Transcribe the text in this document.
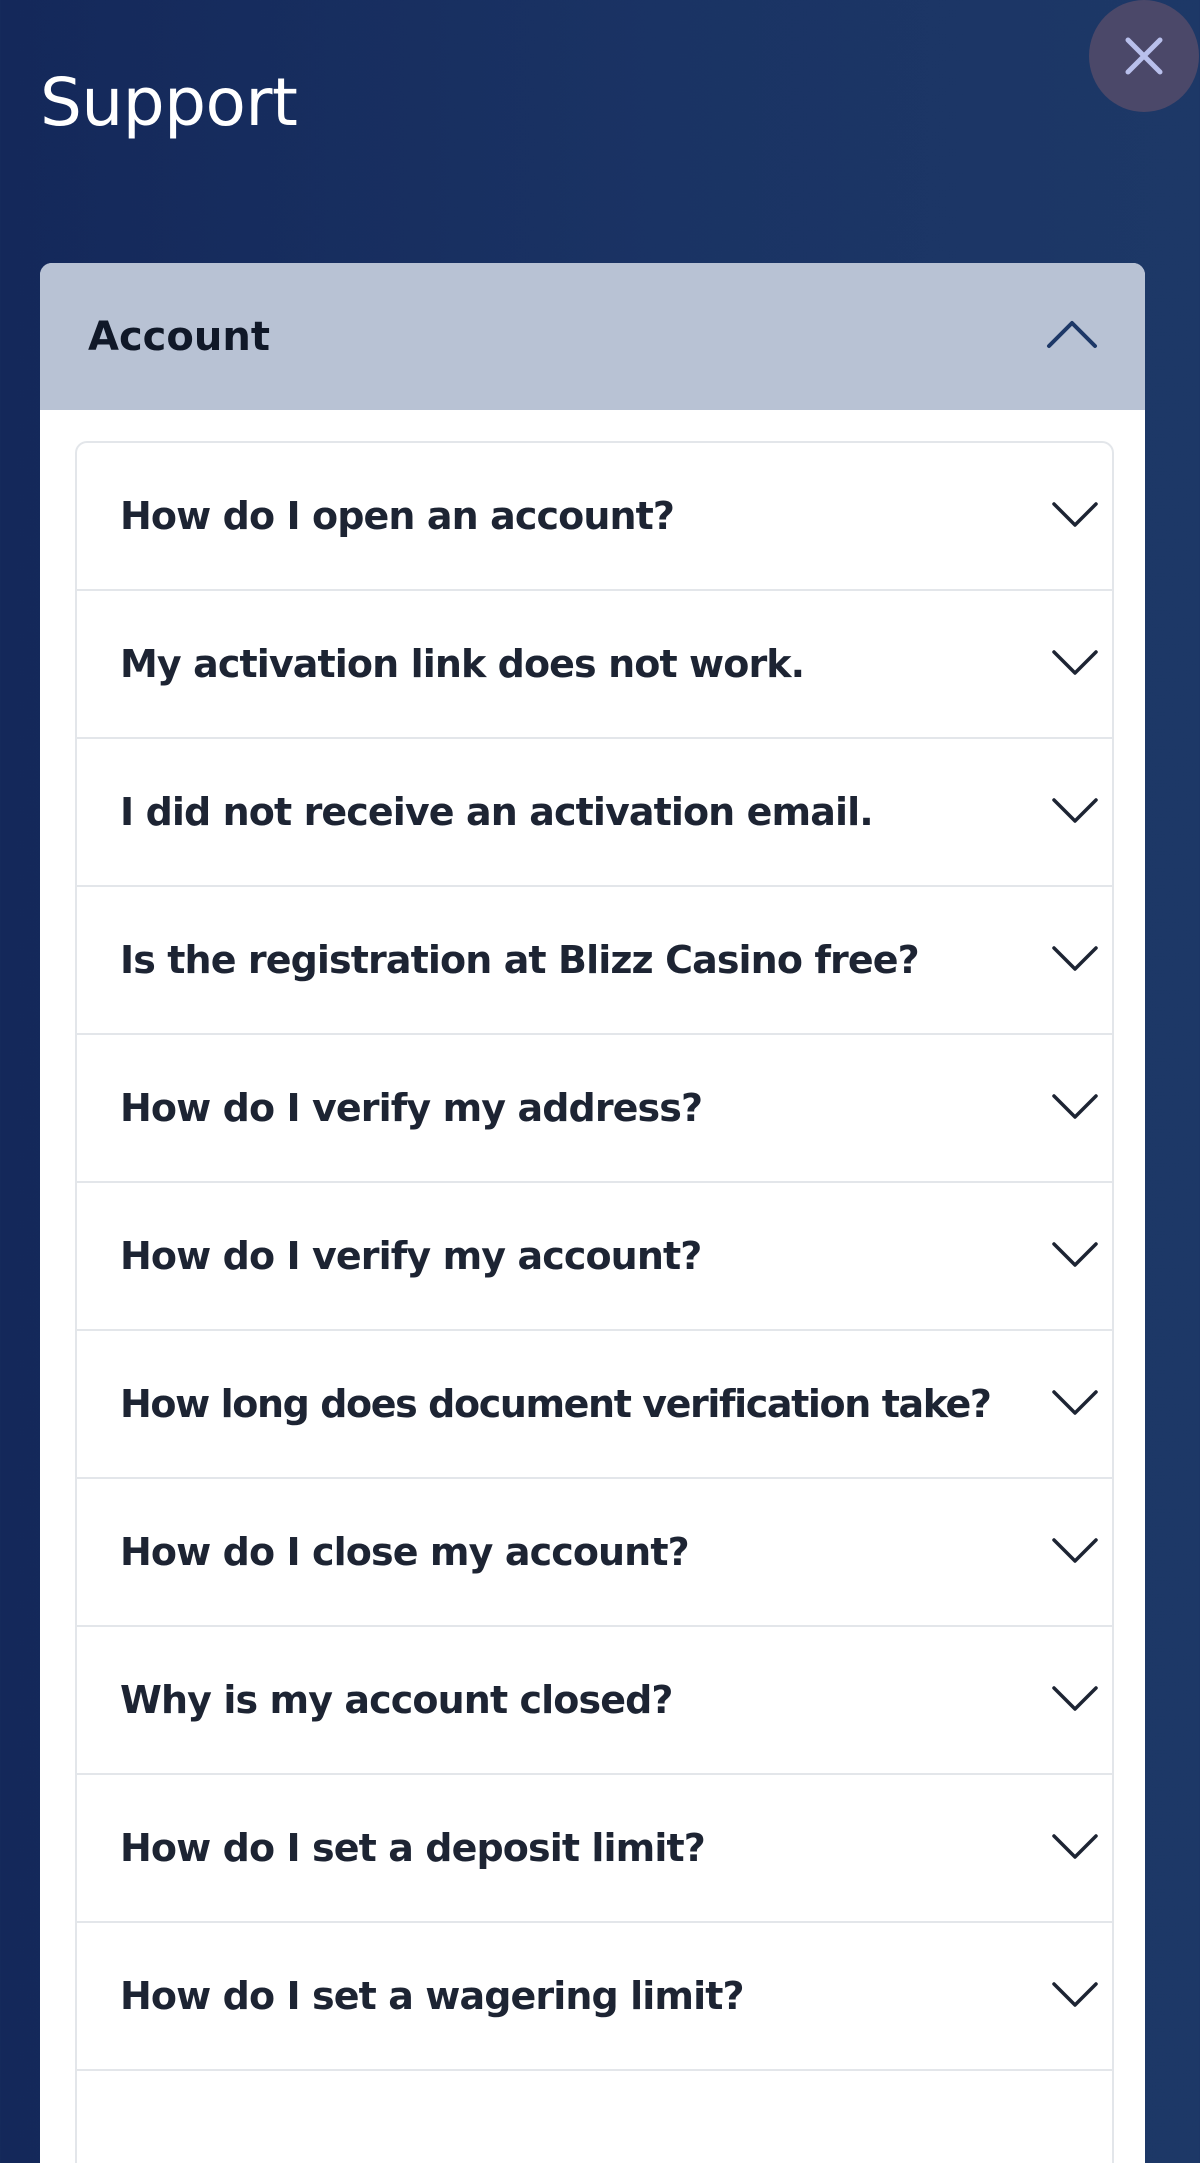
Support
Account
How do I open an account?
My activation link does not work.
I did not receive an activation email.
Is the registration at Blizz Casino free?
How do I verify my address?
How do I verify my account?
How long does document verification take?
How do I close my account?
Why is my account closed?
How do I set a deposit limit?
How do I set a wagering limit?
